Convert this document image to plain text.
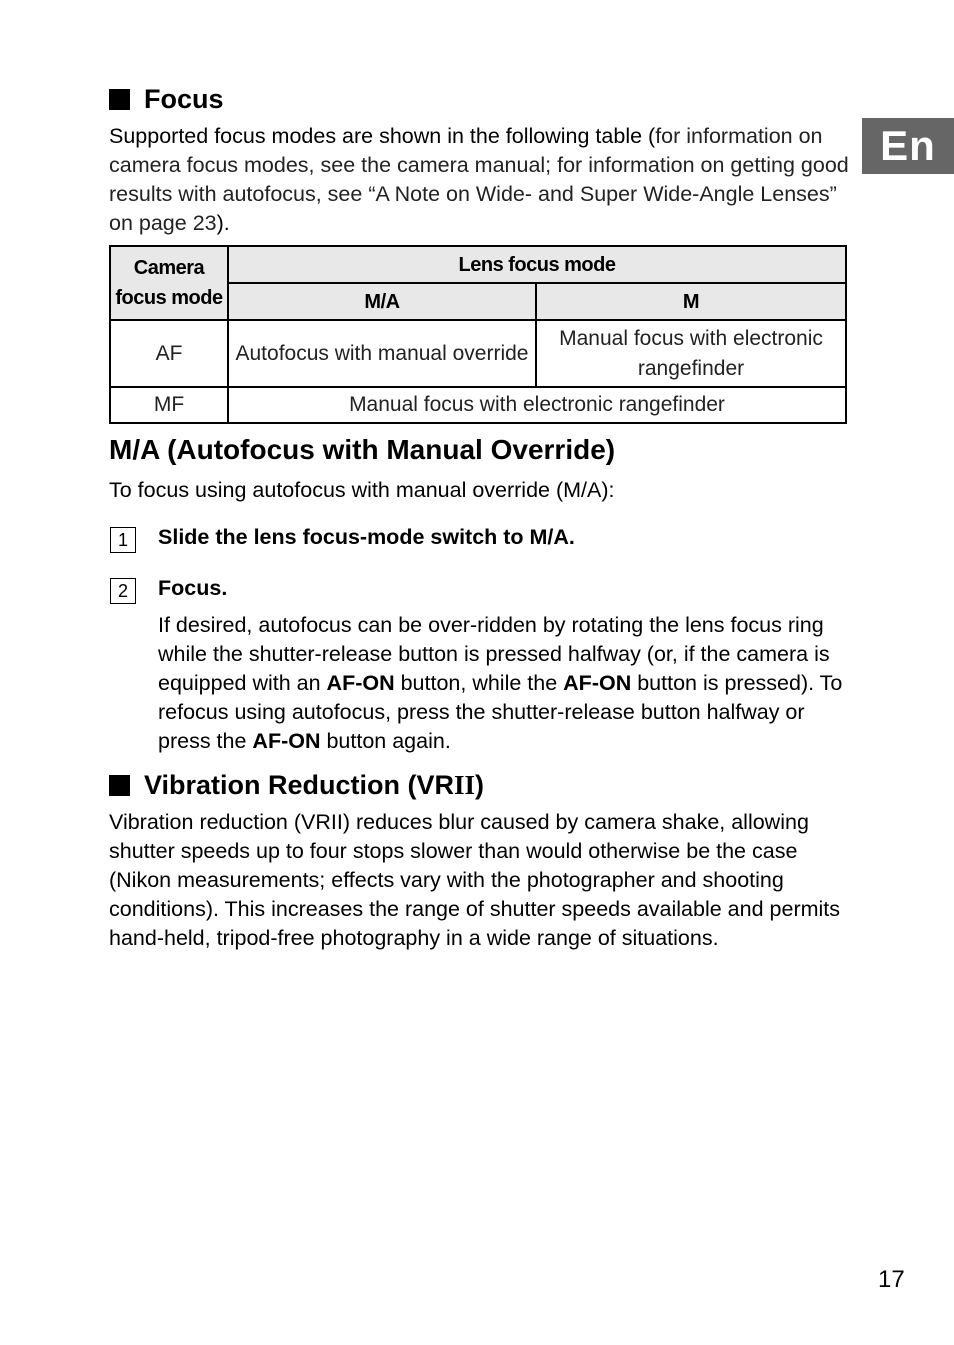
En
Focus

Supported focus modes are shown in the following table (for information on camera focus modes, see the camera manual; for information on getting good results with autofocus, see “A Note on Wide- and Super Wide-Angle Lenses” on page 23).

Camera focus mode	Lens focus mode	
	M/A	M
AF	Autofocus with manual override	Manual focus with electronic rangefinder
MF	Manual focus with electronic rangefinder	
M/A (Autofocus with Manual Override)

To focus using autofocus with manual override (M/A):

1	Slide the lens focus-mode switch to M/A.

2	Focus.

If desired, autofocus can be over-ridden by rotating the lens focus ring while the shutter-release button is pressed halfway (or, if the camera is equipped with an AF-ON button, while the AF-ON button is pressed). To refocus using autofocus, press the shutter-release button halfway or press the AF-ON button again.

Vibration Reduction (VRII)

Vibration reduction (VRII) reduces blur caused by camera shake, allowing shutter speeds up to four stops slower than would otherwise be the case (Nikon measurements; effects vary with the photographer and shooting conditions). This increases the range of shutter speeds available and permits hand-held, tripod-free photography in a wide range of situations.

17
